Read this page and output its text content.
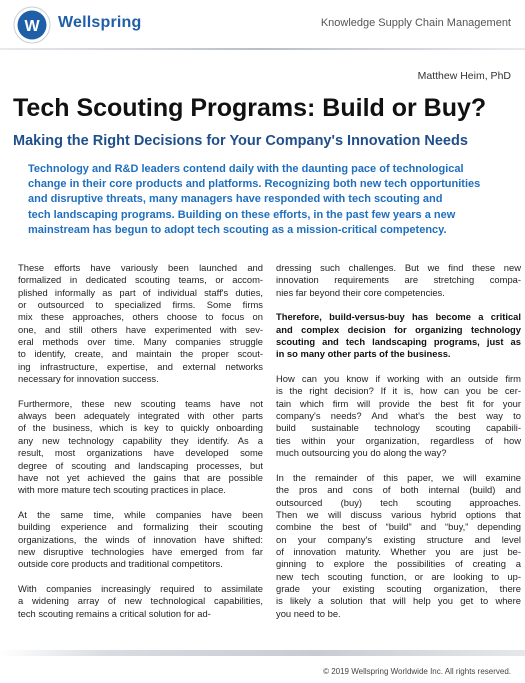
W Wellspring	Knowledge Supply Chain Management
Matthew Heim, PhD
Tech Scouting Programs: Build or Buy?
Making the Right Decisions for Your Company's Innovation Needs
Technology and R&D leaders contend daily with the daunting pace of technological
change in their core products and platforms. Recognizing both new tech opportunities
and disruptive threats, many managers have responded with tech scouting and
tech landscaping programs. Building on these efforts, in the past few years a new
mainstream has begun to adopt tech scouting as a mission-critical competency.

These efforts have variously been launched and
formalized in dedicated scouting teams, or accom-
plished informally as part of individual staff's duties,
or outsourced to specialized firms. Some firms
mix these approaches, others choose to focus on
one, and still others have experimented with sev-
eral methods over time. Many companies struggle
to identify, create, and maintain the proper scout-
ing infrastructure, expertise, and external networks
necessary for innovation success.

Furthermore, these new scouting teams have not
always been adequately integrated with other parts
of the business, which is key to quickly onboarding
any new technology capability they identify. As a
result, most organizations have developed some
degree of scouting and landscaping processes, but
have not yet achieved the gains that are possible
with more mature tech scouting practices in place.

At the same time, while companies have been
building experience and formalizing their scouting
organizations, the winds of innovation have shifted:
new disruptive technologies have emerged from far
outside core products and traditional competitors.

With companies increasingly required to assimilate
a widening array of new technological capabilities,
tech scouting remains a critical solution for ad-

dressing such challenges. But we find these new
innovation requirements are stretching compa-
nies far beyond their core competencies.

Therefore, build-versus-buy has become a critical
and complex decision for organizing technology
scouting and tech landscaping programs, just as
in so many other parts of the business.

How can you know if working with an outside firm
is the right decision? If it is, how can you be cer-
tain which firm will provide the best fit for your
company's needs? And what's the best way to
build sustainable technology scouting capabili-
ties within your organization, regardless of how
much outsourcing you do along the way?

In the remainder of this paper, we will examine
the pros and cons of both internal (build) and
outsourced (buy) tech scouting approaches.
Then we will discuss various hybrid options that
combine the best of “build” and “buy,” depending
on your company's existing structure and level
of innovation maturity. Whether you are just be-
ginning to explore the possibilities of creating a
new tech scouting function, or are looking to up-
grade your existing scouting organization, there
is likely a solution that will help you get to where
you need to be.

© 2019 Wellspring Worldwide Inc. All rights reserved.
